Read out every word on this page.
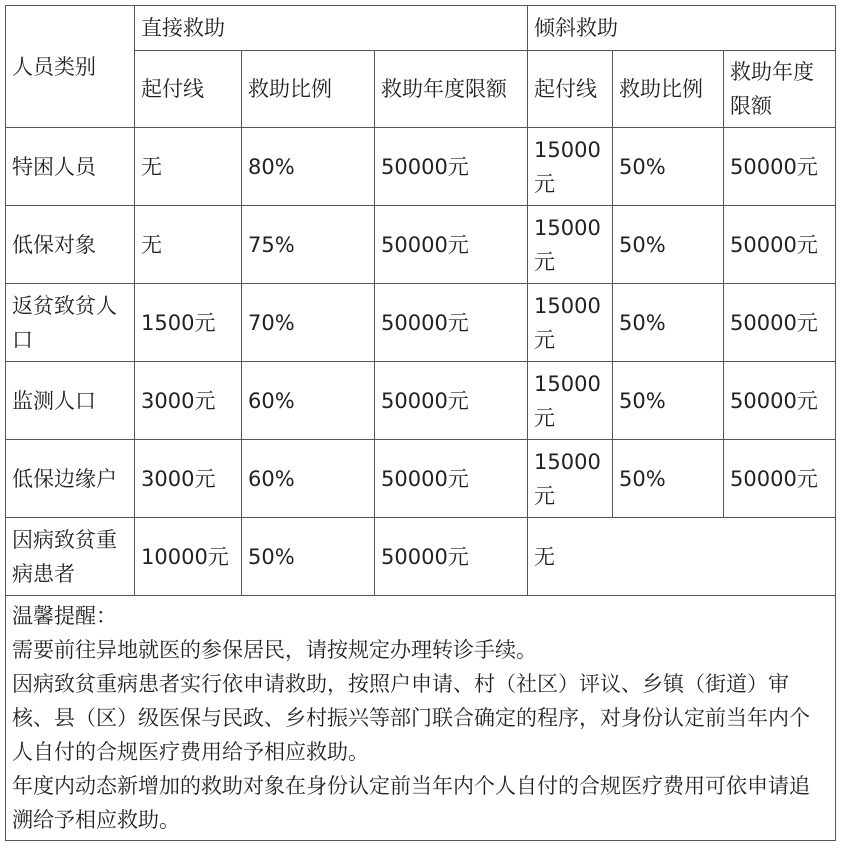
人员类别	直接救助			倾斜救助		
	起付线	救助比例	救助年度限额	起付线	救助比例	救助年度限额
特困人员	无	80%	50000元	15000元	50%	50000元
低保对象	无	75%	50000元	15000元	50%	50000元
返贫致贫人口	1500元	70%	50000元	15000元	50%	50000元
监测人口	3000元	60%	50000元	15000元	50%	50000元
低保边缘户	3000元	60%	50000元	15000元	50%	50000元
因病致贫重病患者	10000元	50%	50000元	无		

温馨提醒：

需要前往异地就医的参保居民，请按规定办理转诊手续。

因病致贫重病患者实行依申请救助，按照户申请、村（社区）评议、乡镇（街道）审核、县（区）级医保与民政、乡村振兴等部门联合确定的程序，对身份认定前当年内个人自付的合规医疗费用给予相应救助。

年度内动态新增加的救助对象在身份认定前当年内个人自付的合规医疗费用可依申请追溯给予相应救助。						
